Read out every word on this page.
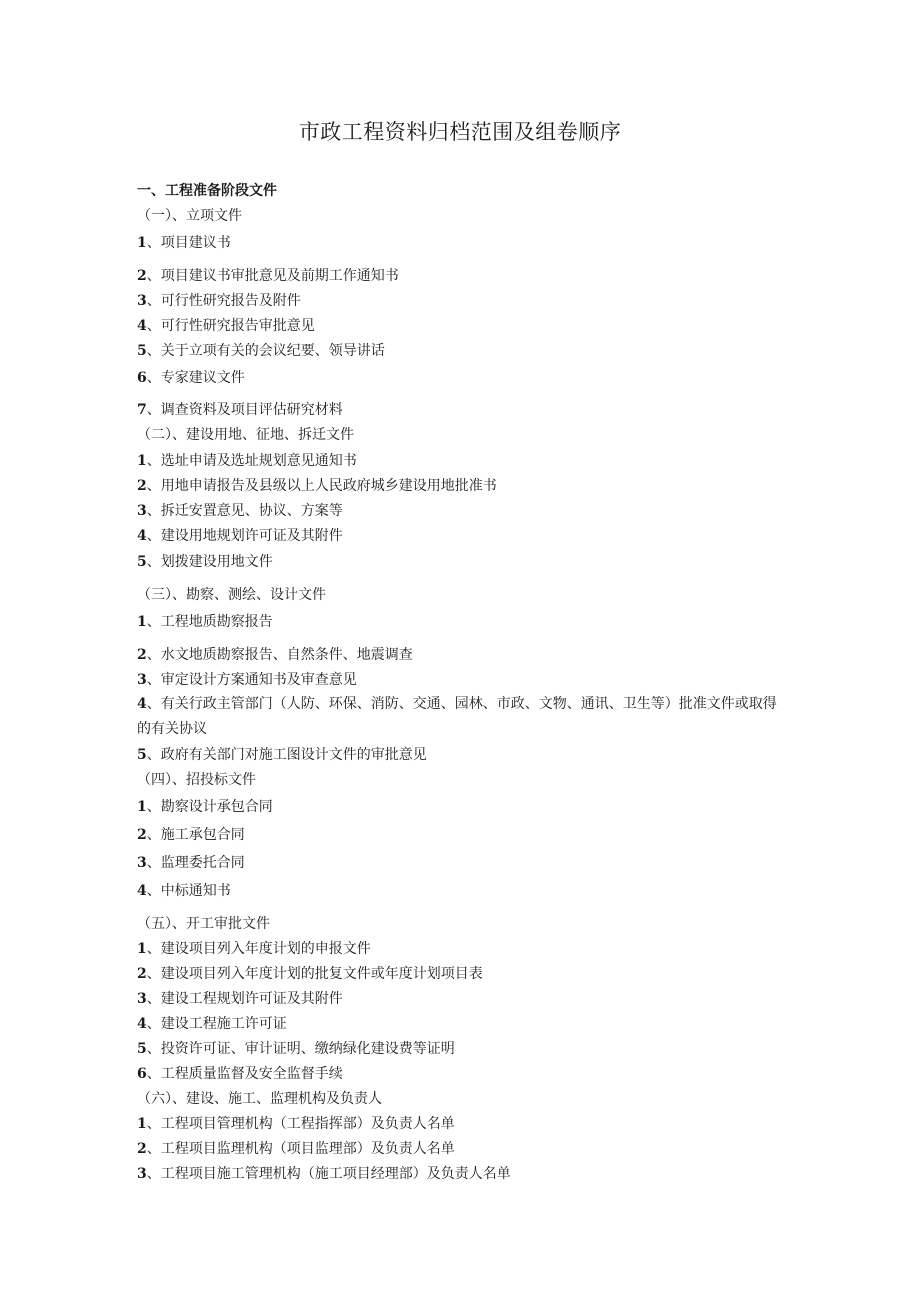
市政工程资料归档范围及组卷顺序
一、工程准备阶段文件
（一）、立项文件
1、项目建议书
2、项目建议书审批意见及前期工作通知书
3、可行性研究报告及附件
4、可行性研究报告审批意见
5、关于立项有关的会议纪要、领导讲话
6、专家建议文件
7、调查资料及项目评估研究材料
（二）、建设用地、征地、拆迁文件
1、选址申请及选址规划意见通知书
2、用地申请报告及县级以上人民政府城乡建设用地批准书
3、拆迁安置意见、协议、方案等
4、建设用地规划许可证及其附件
5、划拨建设用地文件
（三）、勘察、测绘、设计文件
1、工程地质勘察报告
2、水文地质勘察报告、自然条件、地震调查
3、审定设计方案通知书及审查意见
4、有关行政主管部门（人防、环保、消防、交通、园林、市政、文物、通讯、卫生等）批准文件或取得的有关协议
5、政府有关部门对施工图设计文件的审批意见
（四）、招投标文件
1、勘察设计承包合同
2、施工承包合同
3、监理委托合同
4、中标通知书
（五）、开工审批文件
1、建设项目列入年度计划的申报文件
2、建设项目列入年度计划的批复文件或年度计划项目表
3、建设工程规划许可证及其附件
4、建设工程施工许可证
5、投资许可证、审计证明、缴纳绿化建设费等证明
6、工程质量监督及安全监督手续
（六）、建设、施工、监理机构及负责人
1、工程项目管理机构（工程指挥部）及负责人名单
2、工程项目监理机构（项目监理部）及负责人名单
3、工程项目施工管理机构（施工项目经理部）及负责人名单
